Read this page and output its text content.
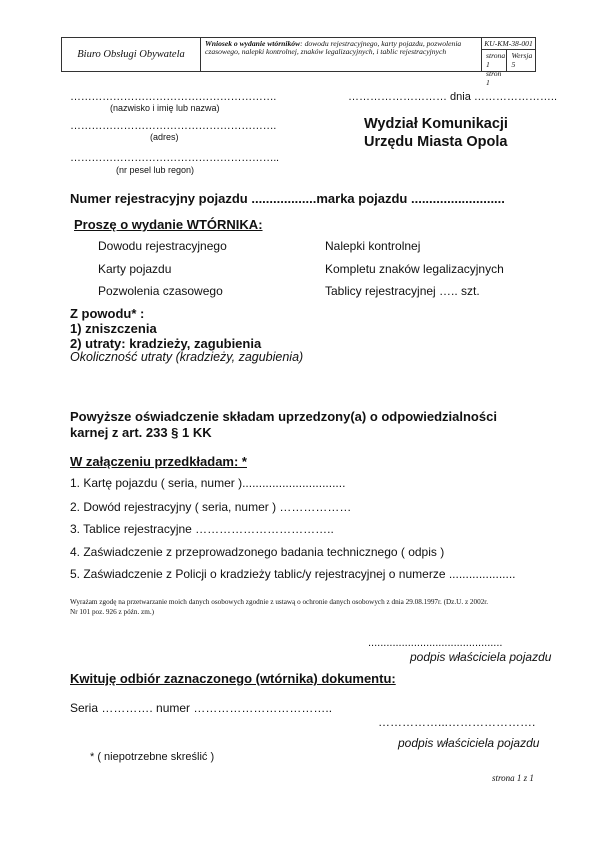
Biuro Obsługi Obywatela
Wniosek o wydanie wtórników: dowodu rejestracyjnego, karty pojazdu, pozwolenia czasowego, nalepki kontrolnej, znaków legalizacyjnych, i tablic rejestracyjnych
KU-KM-38-001
strona 1
stron 1
Wersja 5
………………………………………………….
(nazwisko i imię lub nazwa)
………………………………………………….
(adres)
…………………………………………………..
(nr pesel lub regon)
……………………… dnia …………………..
Wydział Komunikacji
Urzędu Miasta Opola
Numer rejestracyjny pojazdu ..................marka pojazdu ..........................
Proszę o wydanie WTÓRNIKA:
Dowodu rejestracyjnego
Karty pojazdu
Pozwolenia czasowego
Nalepki kontrolnej
Kompletu znaków legalizacyjnych
Tablicy rejestracyjnej ….. szt.
Z powodu* :
1) zniszczenia
2) utraty: kradzieży, zagubienia
Okoliczność utraty (kradzieży, zagubienia)
Powyższe oświadczenie składam uprzedzony(a) o odpowiedzialności
karnej z art. 233 § 1 KK
W załączeniu przedkładam: *
1. Kartę pojazdu ( seria, numer )...............................
2. Dowód rejestracyjny ( seria, numer ) ………………
3. Tablice rejestracyjne ……………………………..
4. Zaświadczenie z przeprowadzonego badania technicznego ( odpis )
5. Zaświadczenie z Policji o kradzieży tablic/y rejestracyjnej o numerze ....................
Wyrażam zgodę na przetwarzanie moich danych osobowych zgodnie z ustawą o ochronie danych osobowych z dnia 29.08.1997r. (Dz.U. z 2002r.
Nr 101 poz. 926 z późn. zm.)
............................................
podpis właściciela pojazdu
Kwituję odbiór zaznaczonego (wtórnika) dokumentu:
Seria …………. numer ……………………………..
……………...………………….
podpis właściciela pojazdu
* ( niepotrzebne skreślić )
strona 1 z 1
